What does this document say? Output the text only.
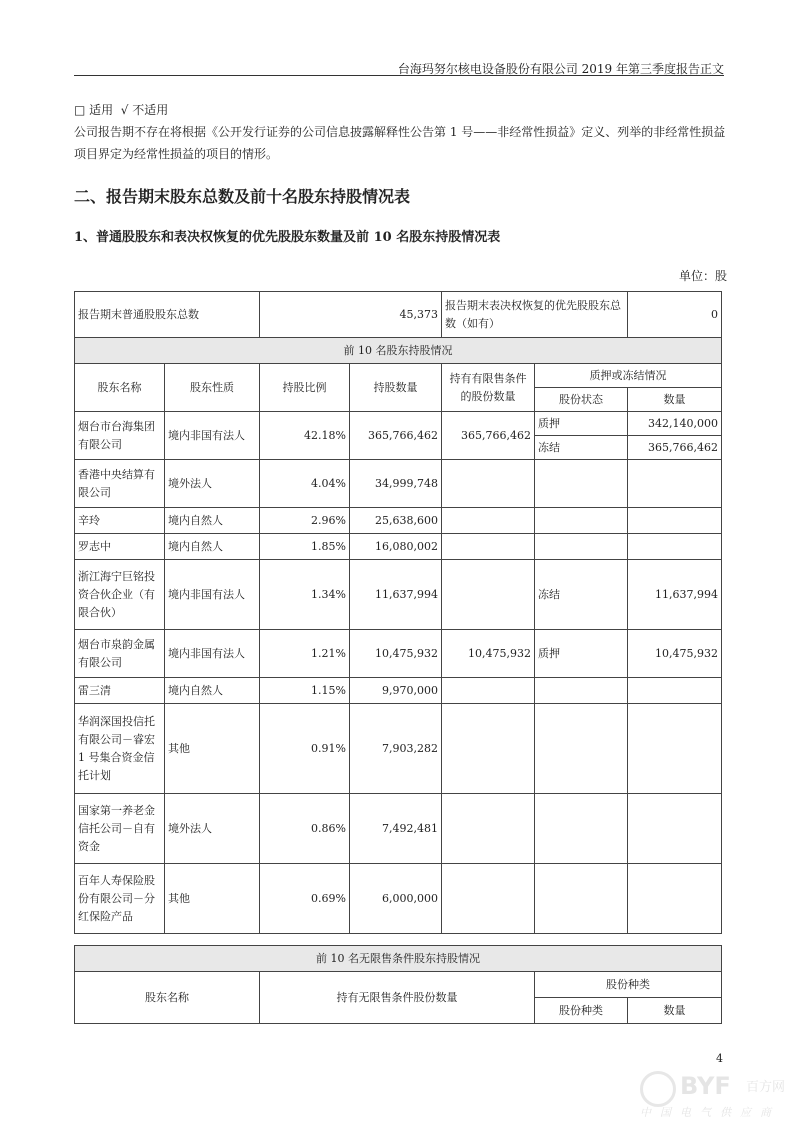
台海玛努尔核电设备股份有限公司 2019 年第三季度报告正文
□ 适用 √ 不适用
公司报告期不存在将根据《公开发行证券的公司信息披露解释性公告第 1 号——非经常性损益》定义、列举的非经常性损益
项目界定为经常性损益的项目的情形。
二、报告期末股东总数及前十名股东持股情况表
1、普通股股东和表决权恢复的优先股股东数量及前 10 名股东持股情况表
单位：股
报告期末普通股股东总数		45,373		报告期末表决权恢复的优先股股东总数（如有）		0
前 10 名股东持股情况						
股东名称	股东性质	持股比例	持股数量	持有有限售条件的股份数量	质押或冻结情况	
					股份状态	数量
烟台市台海集团有限公司	境内非国有法人	42.18%	365,766,462	365,766,462	质押	342,140,000
					冻结	365,766,462
香港中央结算有限公司	境外法人	4.04%	34,999,748			
辛玲	境内自然人	2.96%	25,638,600			
罗志中	境内自然人	1.85%	16,080,002			
浙江海宁巨铭投资合伙企业（有限合伙）	境内非国有法人	1.34%	11,637,994		冻结	11,637,994
烟台市泉韵金属有限公司	境内非国有法人	1.21%	10,475,932	10,475,932	质押	10,475,932
雷三清	境内自然人	1.15%	9,970,000			
华润深国投信托有限公司－睿宏 1 号集合资金信托计划	其他	0.91%	7,903,282			
国家第一养老金信托公司－自有资金	境外法人	0.86%	7,492,481			
百年人寿保险股份有限公司－分红保险产品	其他	0.69%	6,000,000			
前 10 名无限售条件股东持股情况			
股东名称	持有无限售条件股份数量	股份种类	
		股份种类	数量
4
BYF 百方网
中国电气供应商
